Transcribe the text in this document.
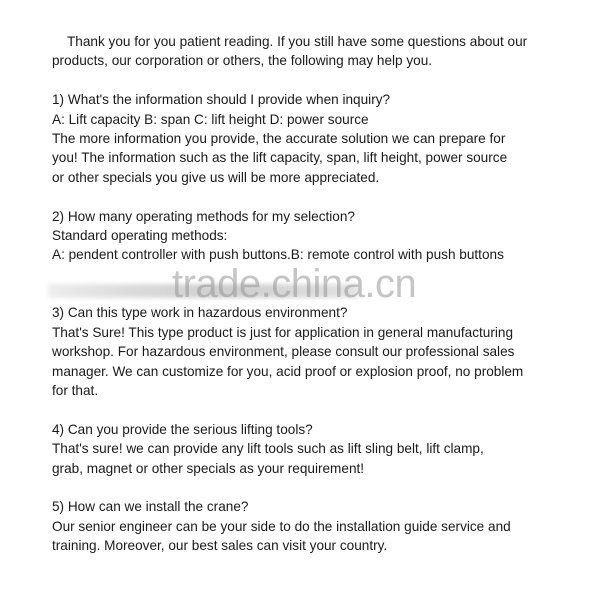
Thank you for you patient reading. If you still have some questions about our
products, our corporation or others, the following may help you.
1) What's the information should I provide when inquiry?
A: Lift capacity B: span C: lift height D: power source
The more information you provide, the accurate solution we can prepare for
you! The information such as the lift capacity, span, lift height, power source
or other specials you give us will be more appreciated.
2) How many operating methods for my selection?
Standard operating methods:
A: pendent controller with push buttons.B: remote control with push buttons
3) Can this type work in hazardous environment?
That's Sure! This type product is just for application in general manufacturing
workshop. For hazardous environment, please consult our professional sales
manager. We can customize for you, acid proof or explosion proof, no problem
for that.
4) Can you provide the serious lifting tools?
That's sure! we can provide any lift tools such as lift sling belt, lift clamp,
grab, magnet or other specials as your requirement!
5) How can we install the crane?
Our senior engineer can be your side to do the installation guide service and
training. Moreover, our best sales can visit your country.
trade.china.cn
